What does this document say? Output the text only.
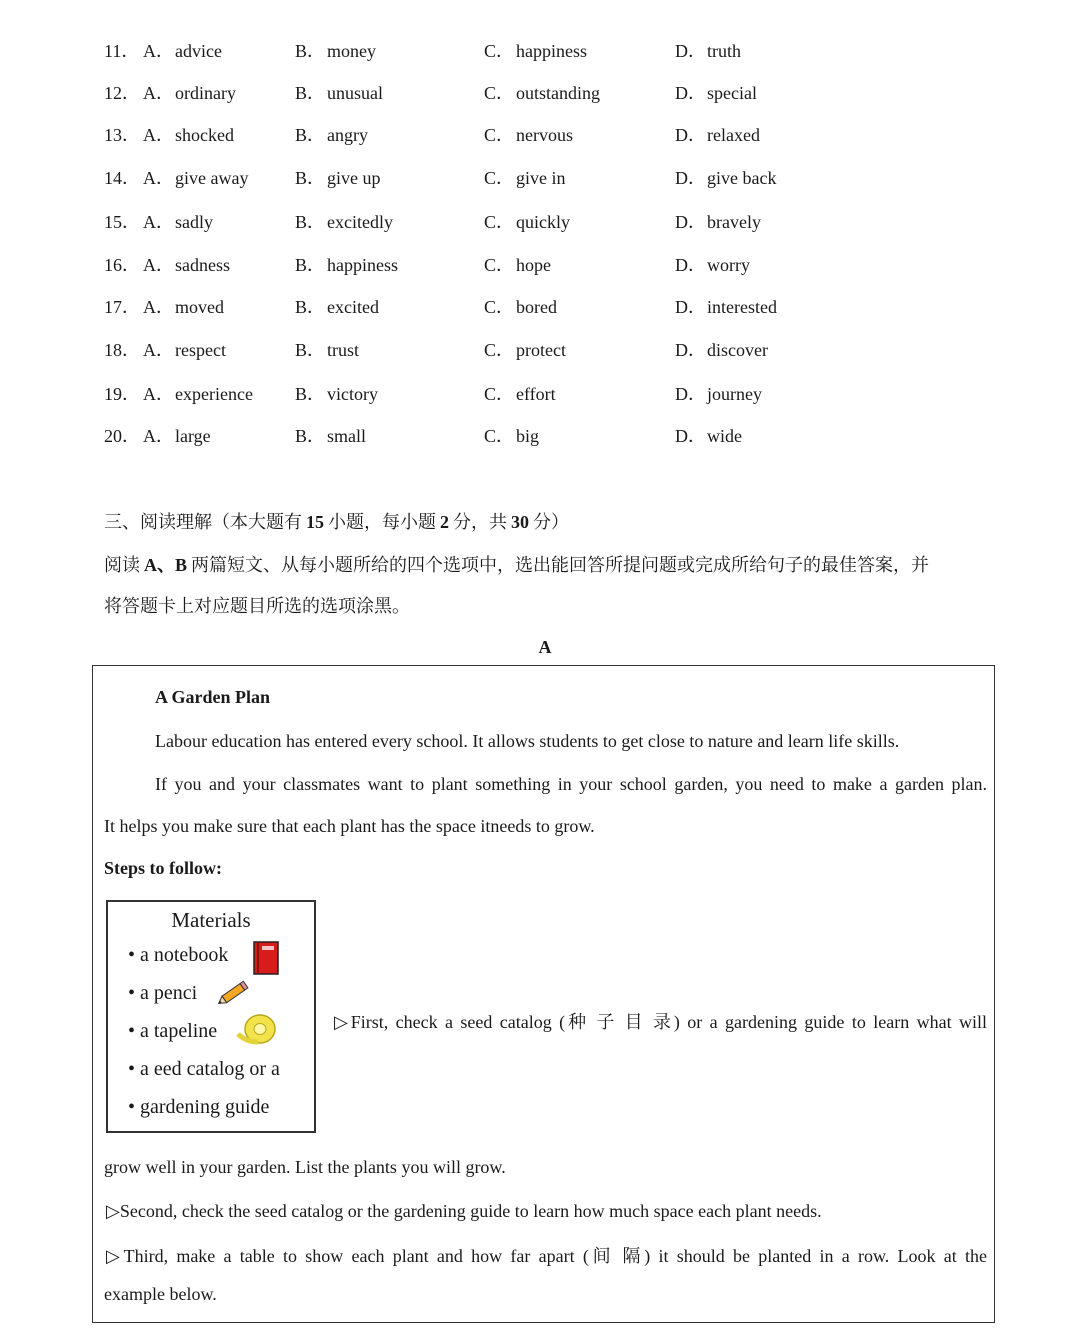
11． A．advice	B． money	C． happiness	D．truth
12． A．ordinary	B． unusual	C． outstanding	D．special
13． A．shocked	B． angry	C． nervous	D．relaxed
14． A．give away	B． give up	C． give in	D．give back
15． A．sadly	B． excitedly	C． quickly	D．bravely
16． A．sadness	B． happiness	C． hope	D．worry
17． A．moved	B． excited	C． bored	D．interested
18． A．respect	B． trust	C． protect	D．discover
19． A．experience B． victory	C． effort	D．journey
20． A．large	B． small	C． big	D．wide
三、阅读理解（本大题有 15 小题，每小题 2 分，共 30 分）
阅读 A、B 两篇短文、从每小题所给的四个选项中，选出能回答所提问题或完成所给句子的最佳答案，并
将答题卡上对应题目所选的选项涂黑。
A
A Garden Plan
Labour education has entered every school. It allows students to get close to nature and learn life skills.
If you and your classmates want to plant something in your school garden, you need to make a garden plan.
It helps you make sure that each plant has the space itneeds to grow.
Steps to follow:
Materials
• a notebook
• a penci
• a tapeline
• a eed catalog or a
• gardening guide
▷First, check a seed catalog (种 子 目 录) or a gardening guide to learn what will
grow well in your garden. List the plants you will grow.
▷Second, check the seed catalog or the gardening guide to learn how much space each plant needs.
▷Third, make a table to show each plant and how far apart (间 隔) it should be planted in a row. Look at the
example below.
